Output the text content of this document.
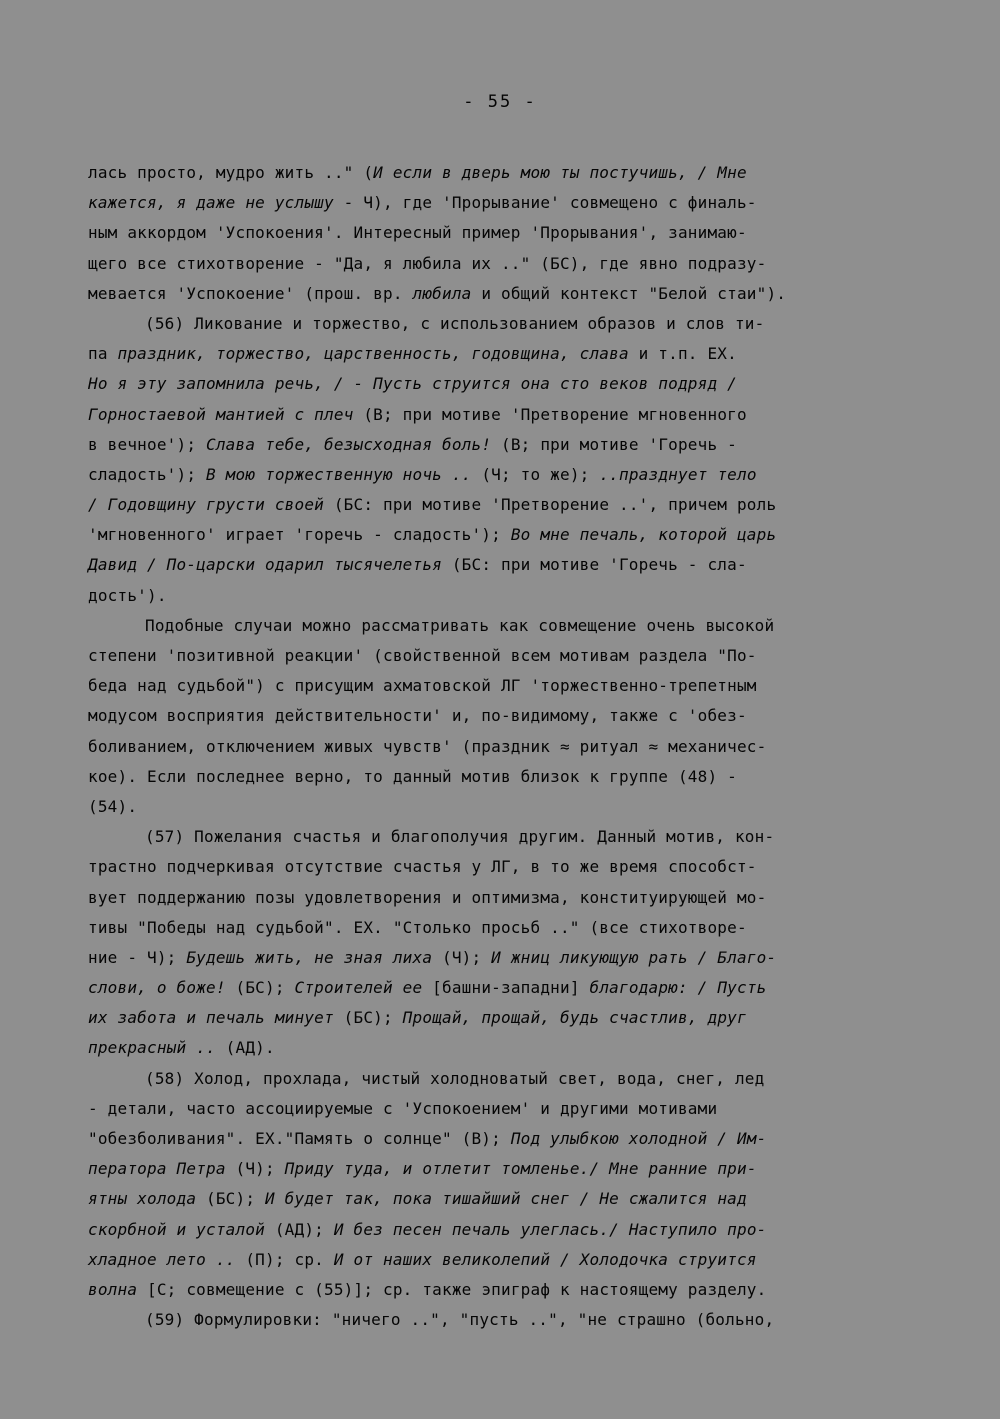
- 55 -
лась просто, мудро жить .." (И если в дверь мою ты постучишь, / Мне
кажется, я даже не услышу - Ч), где 'Прорывание' совмещено с финаль-
ным аккордом 'Успокоения'. Интересный пример 'Прорывания', занимаю-
щего все стихотворение - "Да, я любила их .." (БС), где явно подразу-
мевается 'Успокоение' (прош. вр. любила и общий контекст "Белой стаи").
(56) Ликование и торжество, с использованием образов и слов ти-
па праздник, торжество, царственность, годовщина, слава и т.п. ЕХ.
Но я эту запомнила речь, / - Пусть струится она сто веков подряд /
Горностаевой мантией с плеч (В; при мотиве 'Претворение мгновенного
в вечное'); Слава тебе, безысходная боль! (В; при мотиве 'Горечь -
сладость'); В мою торжественную ночь .. (Ч; то же); ..празднует тело
/ Годовщину грусти своей (БС: при мотиве 'Претворение ..', причем роль
'мгновенного' играет 'горечь - сладость'); Во мне печаль, которой царь
Давид / По-царски одарил тысячелетья (БС: при мотиве 'Горечь - сла-
дость').
Подобные случаи можно рассматривать как совмещение очень высокой
степени 'позитивной реакции' (свойственной всем мотивам раздела "По-
беда над судьбой") с присущим ахматовской ЛГ 'торжественно-трепетным
модусом восприятия действительности' и, по-видимому, также с 'обез-
боливанием, отключением живых чувств' (праздник ≈ ритуал ≈ механичес-
кое). Если последнее верно, то данный мотив близок к группе (48) -
(54).
(57) Пожелания счастья и благополучия другим. Данный мотив, кон-
трастно подчеркивая отсутствие счастья у ЛГ, в то же время способст-
вует поддержанию позы удовлетворения и оптимизма, конституирующей мо-
тивы "Победы над судьбой". ЕХ. "Столько просьб .." (все стихотворе-
ние - Ч); Будешь жить, не зная лиха (Ч); И жниц ликующую рать / Благо-
слови, о боже! (БС); Строителей ее [башни-западни] благодарю: / Пусть
их забота и печаль минует (БС); Прощай, прощай, будь счастлив, друг
прекрасный .. (АД).
(58) Холод, прохлада, чистый холодноватый свет, вода, снег, лед
- детали, часто ассоциируемые с 'Успокоением' и другими мотивами
"обезболивания". ЕХ."Память о солнце" (В); Под улыбкою холодной / Им-
ператора Петра (Ч); Приду туда, и отлетит томленье./ Мне ранние при-
ятны холода (БС); И будет так, пока тишайший снег / Не сжалится над
скорбной и усталой (АД); И без песен печаль улеглась./ Наступило про-
хладное лето .. (П); ср. И от наших великолепий / Холодочка струится
волна [С; совмещение с (55)]; ср. также эпиграф к настоящему разделу.
(59) Формулировки: "ничего ..", "пусть ..", "не страшно (больно,
